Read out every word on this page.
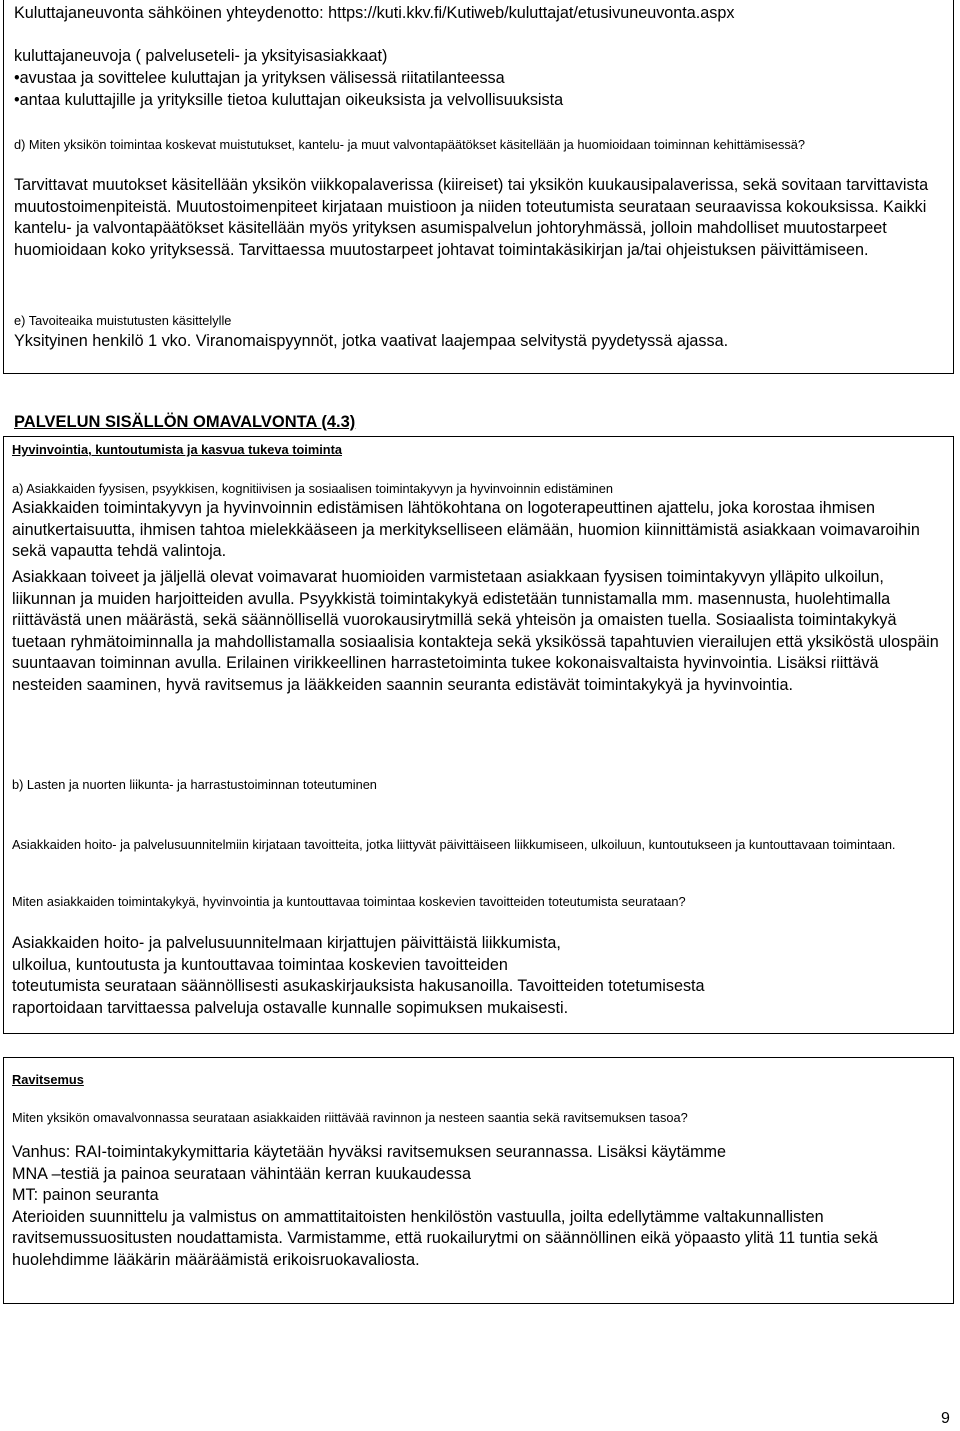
Kuluttajaneuvonta sähköinen yhteydenotto: https://kuti.kkv.fi/Kutiweb/kuluttajat/etusivuneuvonta.aspx

kuluttajaneuvoja ( palveluseteli- ja yksityisasiakkaat)

•avustaa ja sovittelee kuluttajan ja yrityksen välisessä riitatilanteessa
•antaa kuluttajille ja yrityksille tietoa kuluttajan oikeuksista ja velvollisuuksista

d) Miten yksikön toimintaa koskevat muistutukset, kantelu- ja muut valvontapäätökset käsitellään ja huomioidaan toiminnan kehittämisessä?

Tarvittavat muutokset käsitellään yksikön viikkopalaverissa (kiireiset) tai yksikön kuukausipalaverissa, sekä sovitaan tarvittavista muutostoimenpiteistä. Muutostoimenpiteet kirjataan muistioon ja niiden toteutumista seurataan seuraavissa kokouksissa. Kaikki kantelu- ja valvontapäätökset käsitellään myös yrityksen asumispalvelun johtoryhmässä, jolloin mahdolliset muutostarpeet huomioidaan koko yrityksessä. Tarvittaessa muutostarpeet johtavat toimintakäsikirjan ja/tai ohjeistuksen päivittämiseen.

e) Tavoiteaika muistutusten käsittelylle

Yksityinen henkilö 1 vko. Viranomaispyynnöt, jotka vaativat laajempaa selvitystä pyydetyssä ajassa.

PALVELUN SISÄLLÖN OMAVALVONTA (4.3)

Hyvinvointia, kuntoutumista ja kasvua tukeva toiminta

a) Asiakkaiden fyysisen, psyykkisen, kognitiivisen ja sosiaalisen toimintakyvyn ja hyvinvoinnin edistäminen

Asiakkaiden toimintakyvyn ja hyvinvoinnin edistämisen lähtökohtana on logoterapeuttinen ajattelu, joka korostaa ihmisen ainutkertaisuutta, ihmisen tahtoa mielekkääseen ja merkitykselliseen elämään, huomion kiinnittämistä asiakkaan voimavaroihin sekä vapautta tehdä valintoja.

Asiakkaan toiveet ja jäljellä olevat voimavarat huomioiden varmistetaan asiakkaan fyysisen toimintakyvyn ylläpito ulkoilun, liikunnan ja muiden harjoitteiden avulla. Psyykkistä toimintakykyä edistetään tunnistamalla mm. masennusta, huolehtimalla riittävästä unen määrästä, sekä säännöllisellä vuorokausirytmillä sekä yhteisön ja omaisten tuella. Sosiaalista toimintakykyä tuetaan ryhmätoiminnalla ja mahdollistamalla sosiaalisia kontakteja sekä yksikössä tapahtuvien vierailujen että yksiköstä ulospäin suuntaavan toiminnan avulla. Erilainen virikkeellinen harrastetoiminta tukee kokonaisvaltaista hyvinvointia. Lisäksi riittävä nesteiden saaminen, hyvä ravitsemus ja lääkkeiden saannin seuranta edistävät toimintakykyä ja hyvinvointia.

b) Lasten ja nuorten liikunta- ja harrastustoiminnan toteutuminen

Asiakkaiden hoito- ja palvelusuunnitelmiin kirjataan tavoitteita, jotka liittyvät päivittäiseen liikkumiseen, ulkoiluun, kuntoutukseen ja kuntouttavaan toimintaan.

Miten asiakkaiden toimintakykyä, hyvinvointia ja kuntouttavaa toimintaa koskevien tavoitteiden toteutumista seurataan?

Asiakkaiden hoito- ja palvelusuunnitelmaan kirjattujen päivittäistä liikkumista,
ulkoilua, kuntoutusta ja kuntouttavaa toimintaa koskevien tavoitteiden
toteutumista seurataan säännöllisesti asukaskirjauksista hakusanoilla. Tavoitteiden totetumisesta
raportoidaan tarvittaessa palveluja ostavalle kunnalle sopimuksen mukaisesti.

Ravitsemus

Miten yksikön omavalvonnassa seurataan asiakkaiden riittävää ravinnon ja nesteen saantia sekä ravitsemuksen tasoa?

Vanhus: RAI-toimintakykymittaria käytetään hyväksi ravitsemuksen seurannassa. Lisäksi käytämme
MNA –testiä ja painoa seurataan vähintään kerran kuukaudessa
MT: painon seuranta
Aterioiden suunnittelu ja valmistus on ammattitaitoisten henkilöstön vastuulla, joilta edellytämme valtakunnallisten ravitsemussuositusten noudattamista. Varmistamme, että ruokailurytmi on säännöllinen eikä yöpaasto ylitä 11 tuntia sekä huolehdimme lääkärin määräämistä erikoisruokavaliosta.
9
